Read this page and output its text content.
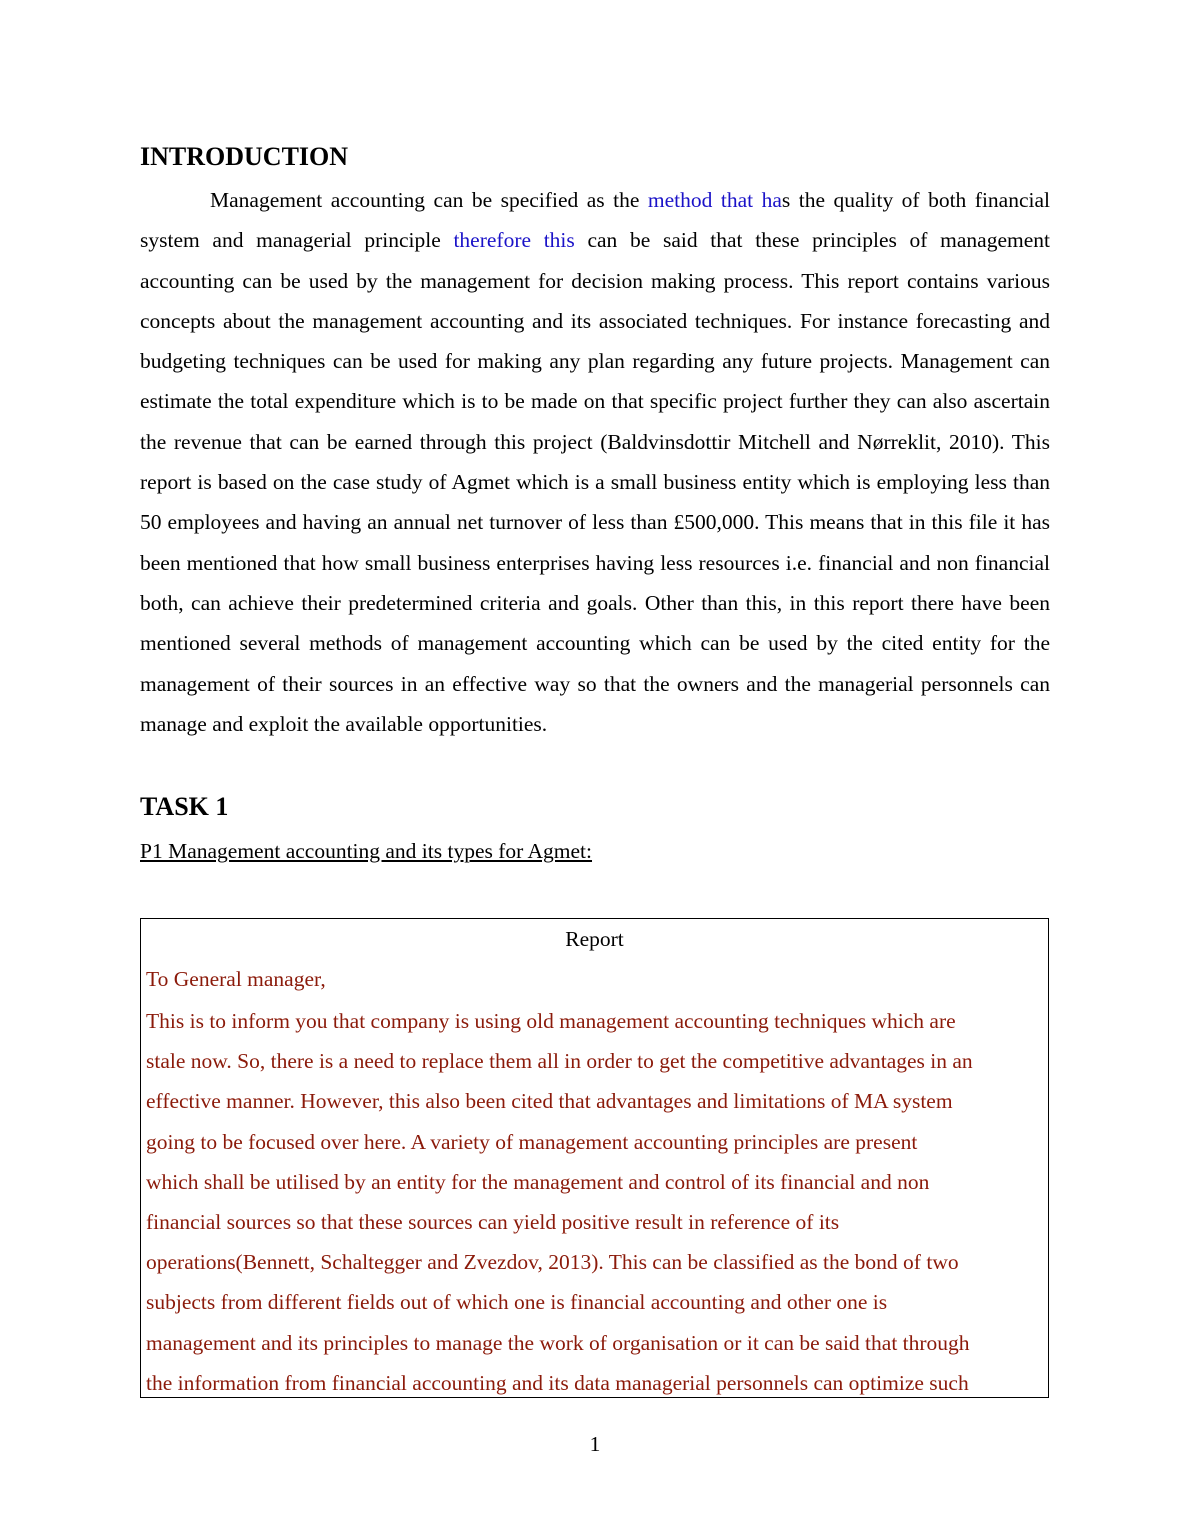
INTRODUCTION

Management accounting can be specified as the method that has the quality of both financial system and managerial principle therefore this can be said that these principles of management accounting can be used by the management for decision making process. This report contains various concepts about the management accounting and its associated techniques. For instance forecasting and budgeting techniques can be used for making any plan regarding any future projects. Management can estimate the total expenditure which is to be made on that specific project further they can also ascertain the revenue that can be earned through this project (Baldvinsdottir Mitchell and Nørreklit, 2010). This report is based on the case study of Agmet which is a small business entity which is employing less than 50 employees and having an annual net turnover of less than £500,000. This means that in this file it has been mentioned that how small business enterprises having less resources i.e. financial and non financial both, can achieve their predetermined criteria and goals. Other than this, in this report there have been mentioned several methods of management accounting which can be used by the cited entity for the management of their sources in an effective way so that the owners and the managerial personnels can manage and exploit the available opportunities.

TASK 1

P1 Management accounting and its types for Agmet:

Report

To General manager,

This is to inform you that company is using old management accounting techniques which are
stale now. So, there is a need to replace them all in order to get the competitive advantages in an
effective manner. However, this also been cited that advantages and limitations of MA system
going to be focused over here. A variety of management accounting principles are present
which shall be utilised by an entity for the management and control of its financial and non
financial sources so that these sources can yield positive result in reference of its
operations(Bennett, Schaltegger and Zvezdov, 2013). This can be classified as the bond of two
subjects from different fields out of which one is financial accounting and other one is
management and its principles to manage the work of organisation or it can be said that through
the information from financial accounting and its data managerial personnels can optimize such

1
